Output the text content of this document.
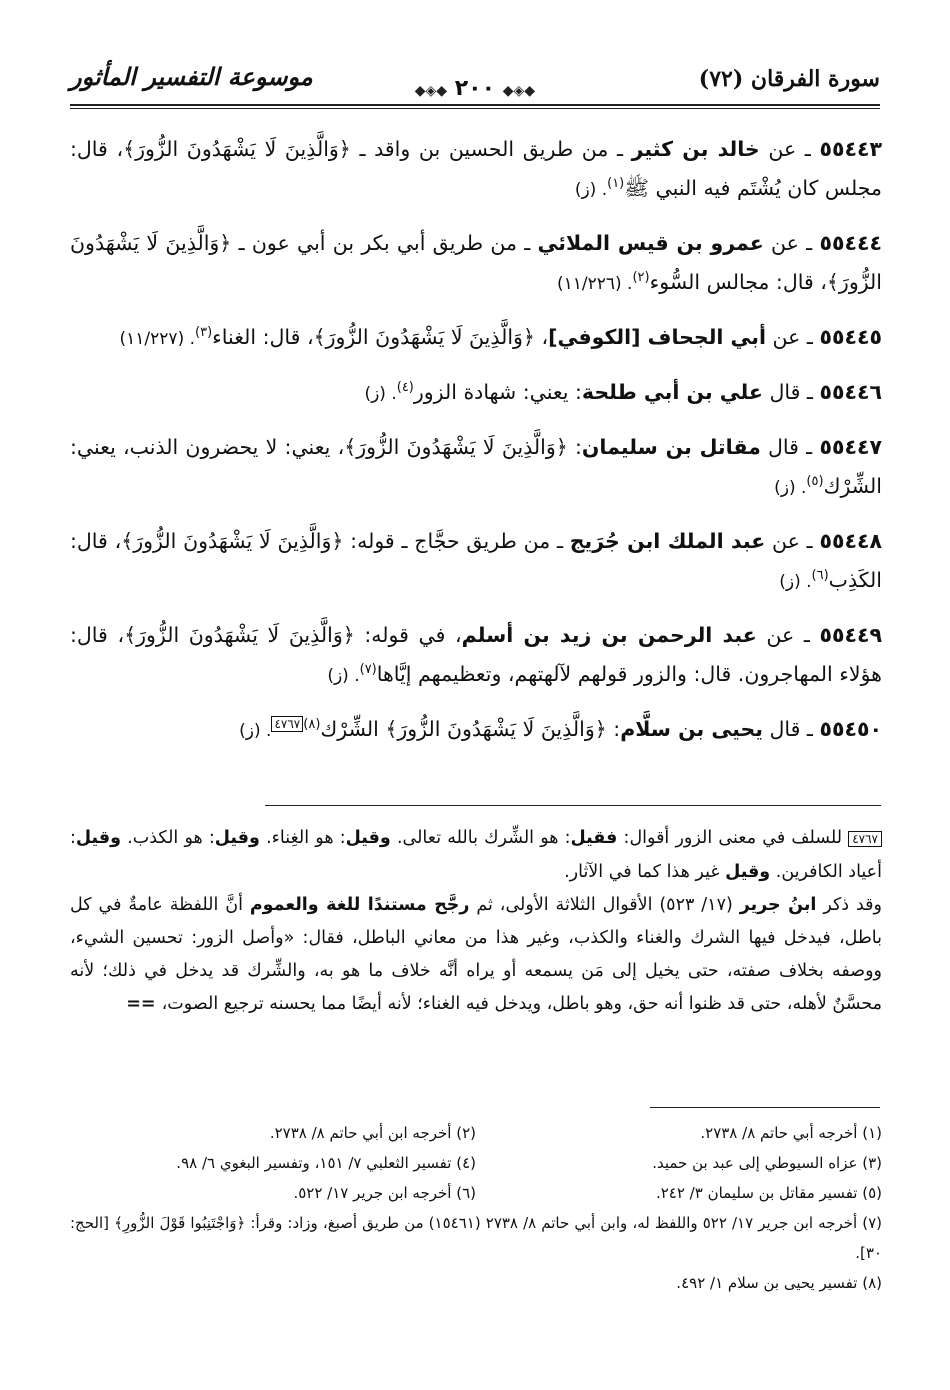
سورة الفرقان (٧٢)
◆◈◆ ٢٠٠ ◆◈◆
موسوعة التفسير المأثور

٥٥٤٤٣ ـ عن خالد بن كثير ـ من طريق الحسين بن واقد ـ ﴿وَالَّذِينَ لَا يَشْهَدُونَ الزُّورَ﴾، قال: مجلس كان يُشْتَم فيه النبي ﷺ$^{(١)}$. (ز)

٥٥٤٤٤ ـ عن عمرو بن قيس الملائي ـ من طريق أبي بكر بن أبي عون ـ ﴿وَالَّذِينَ لَا يَشْهَدُونَ الزُّورَ﴾، قال: مجالس السُّوء$^{(٢)}$. (١١/٢٢٦)

٥٥٤٤٥ ـ عن أبي الجحاف [الكوفي]، ﴿وَالَّذِينَ لَا يَشْهَدُونَ الزُّورَ﴾، قال: الغناء$^{(٣)}$. (١١/٢٢٧)

٥٥٤٤٦ ـ قال علي بن أبي طلحة: يعني: شهادة الزور$^{(٤)}$. (ز)

٥٥٤٤٧ ـ قال مقاتل بن سليمان: ﴿وَالَّذِينَ لَا يَشْهَدُونَ الزُّورَ﴾، يعني: لا يحضرون الذنب، يعني: الشِّرْك$^{(٥)}$. (ز)

٥٥٤٤٨ ـ عن عبد الملك ابن جُرَيج ـ من طريق حجَّاج ـ قوله: ﴿وَالَّذِينَ لَا يَشْهَدُونَ الزُّورَ﴾، قال: الكَذِب$^{(٦)}$. (ز)

٥٥٤٤٩ ـ عن عبد الرحمن بن زيد بن أسلم، في قوله: ﴿وَالَّذِينَ لَا يَشْهَدُونَ الزُّورَ﴾، قال: هؤلاء المهاجرون. قال: والزور قولهم لآلهتهم، وتعظيمهم إيَّاها$^{(٧)}$. (ز)

٥٥٤٥٠ ـ قال يحيى بن سلَّام: ﴿وَالَّذِينَ لَا يَشْهَدُونَ الزُّورَ﴾ الشِّرْك$^{(٨)٤٧٦٧}$. (ز)

٤٧٦٧ للسلف في معنى الزور أقوال: فقيل: هو الشِّرك بالله تعالى. وقيل: هو الغِناء. وقيل: هو الكذب. وقيل: أعياد الكافرين. وقيل غير هذا كما في الآثار.

وقد ذكر ابنُ جرير (١٧/ ٥٢٣) الأقوال الثلاثة الأولى، ثم رجَّح مستندًا للغة والعموم أنَّ اللفظة عامةٌ في كل باطل، فيدخل فيها الشرك والغناء والكذب، وغير هذا من معاني الباطل، فقال: «وأصل الزور: تحسين الشيء، ووصفه بخلاف صفته، حتى يخيل إلى مَن يسمعه أو يراه أنَّه خلاف ما هو به، والشِّرك قد يدخل في ذلك؛ لأنه محسَّنٌ لأهله، حتى قد ظنوا أنه حق، وهو باطل، ويدخل فيه الغناء؛ لأنه أيضًا مما يحسنه ترجيع الصوت، ==

(١) أخرجه أبي حاتم ٨/ ٢٧٣٨.
(٢) أخرجه ابن أبي حاتم ٨/ ٢٧٣٨.
(٣) عزاه السيوطي إلى عبد بن حميد.
(٤) تفسير الثعلبي ٧/ ١٥١، وتفسير البغوي ٦/ ٩٨.
(٥) تفسير مقاتل بن سليمان ٣/ ٢٤٢.
(٦) أخرجه ابن جرير ١٧/ ٥٢٢.
(٧) أخرجه ابن جرير ١٧/ ٥٢٢ واللفظ له، وابن أبي حاتم ٨/ ٢٧٣٨ (١٥٤٦١) من طريق أصبغ، وزاد: وقرأ: ﴿وَاجْتَنِبُوا قَوْلَ الزُّورِ﴾ [الحج: ٣٠].
(٨) تفسير يحيى بن سلام ١/ ٤٩٢.
